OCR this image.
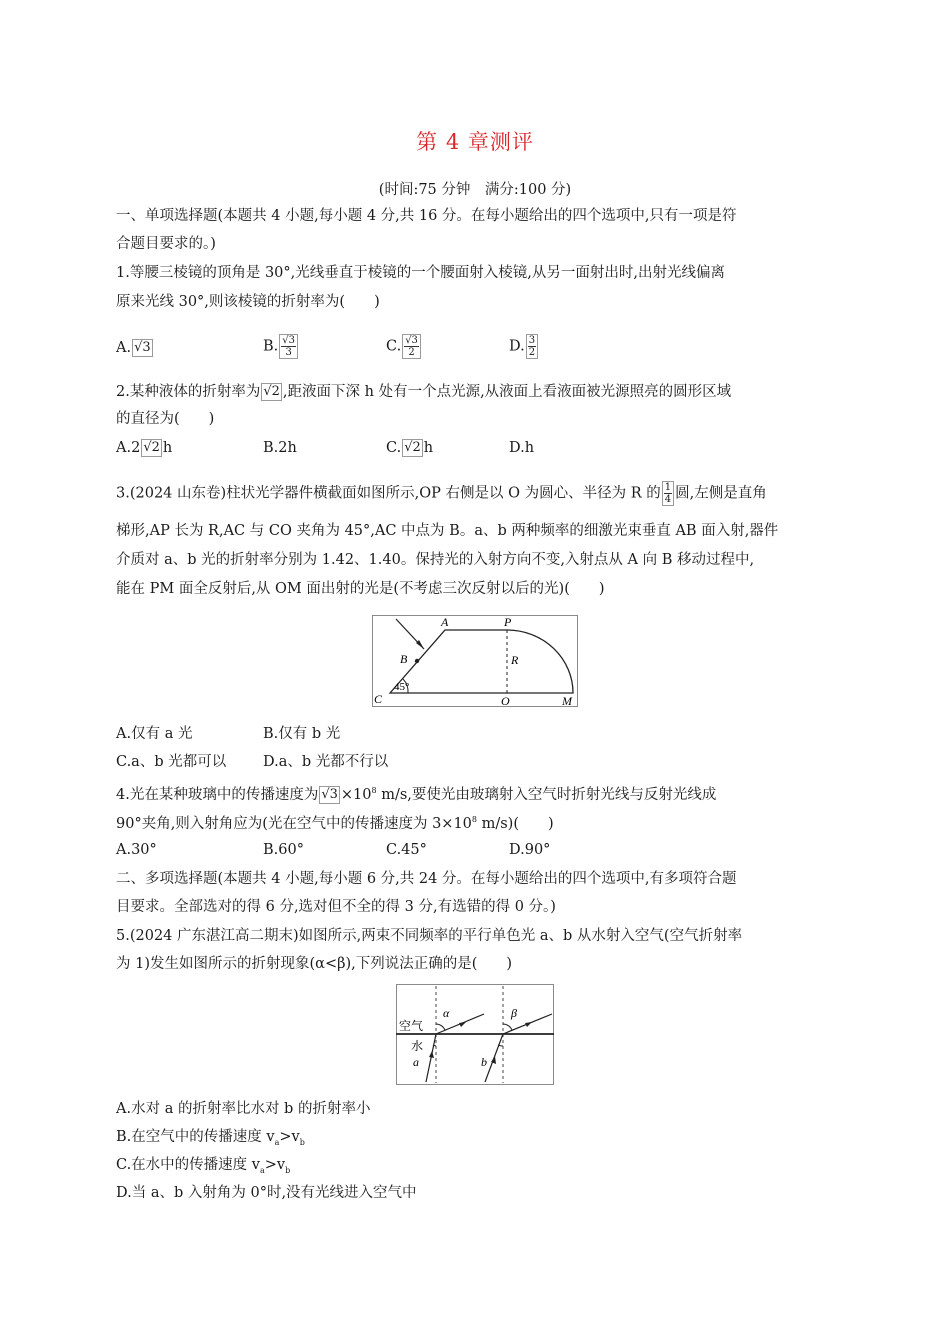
第 4 章测评
(时间:75 分钟　满分:100 分)
一、单项选择题(本题共 4 小题,每小题 4 分,共 16 分。在每小题给出的四个选项中,只有一项是符
合题目要求的。)
1.等腰三棱镜的顶角是 30°,光线垂直于棱镜的一个腰面射入棱镜,从另一面射出时,出射光线偏离
原来光线 30°,则该棱镜的折射率为(　　)
A. √3	B. $\frac{√3}{3}$	C. $\frac{√3}{2}$	D. $\frac{3}{2}$
2.某种液体的折射率为 √2 ,距液面下深 h 处有一个点光源,从液面上看液面被光源照亮的圆形区域
的直径为(　　)
A.2 √2 h	B.2h	C. √2 h	D.h
3.(2024 山东卷)柱状光学器件横截面如图所示,OP 右侧是以 O 为圆心、半径为 R 的 $\frac{1}{4}$ 圆,左侧是直角
梯形,AP 长为 R,AC 与 CO 夹角为 45°,AC 中点为 B。a、b 两种频率的细激光束垂直 AB 面入射,器件
介质对 a、b 光的折射率分别为 1.42、1.40。保持光的入射方向不变,入射点从 A 向 B 移动过程中,
能在 PM 面全反射后,从 OM 面出射的光是(不考虑三次反射以后的光)(　　)
A	P
B	R
C
45°
O	M
A.仅有 a 光	B.仅有 b 光
C.a、b 光都可以	D.a、b 光都不行以
4.光在某种玻璃中的传播速度为 $√3 \times 10^8$ m/s,要使光由玻璃射入空气时折射光线与反射光线成
90°夹角,则入射角应为(光在空气中的传播速度为 $3\times 10^8$ m/s)(　　)
A.30°	B.60°	C.45°	D.90°
二、多项选择题(本题共 4 小题,每小题 6 分,共 24 分。在每小题给出的四个选项中,有多项符合题
目要求。全部选对的得 6 分,选对但不全的得 3 分,有选错的得 0 分。)
5.(2024 广东湛江高二期末)如图所示,两束不同频率的平行单色光 a、b 从水射入空气(空气折射率
为 1)发生如图所示的折射现象(α<β),下列说法正确的是(　　)
空气
水
α	β
a	b
A.水对 a 的折射率比水对 b 的折射率小
B.在空气中的传播速度 $v_a>v_b$
C.在水中的传播速度 $v_a>v_b$
D.当 a、b 入射角为 0°时,没有光线进入空气中
